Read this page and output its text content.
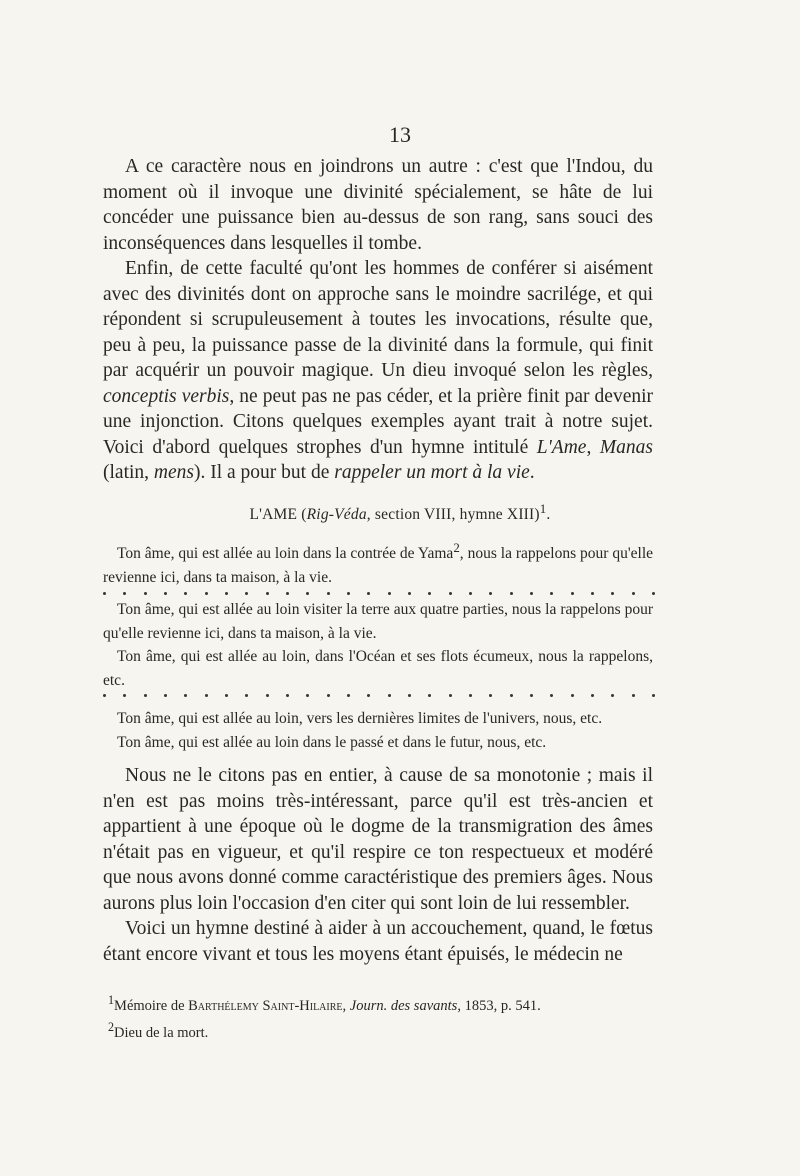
13

A ce caractère nous en joindrons un autre : c'est que l'Indou, du moment où il invoque une divinité spécialement, se hâte de lui concéder une puissance bien au-dessus de son rang, sans souci des inconséquences dans lesquelles il tombe.

Enfin, de cette faculté qu'ont les hommes de conférer si aisément avec des divinités dont on approche sans le moindre sacrilége, et qui répondent si scrupuleusement à toutes les invocations, résulte que, peu à peu, la puissance passe de la divinité dans la formule, qui finit par acquérir un pouvoir magique. Un dieu invoqué selon les règles, conceptis verbis, ne peut pas ne pas céder, et la prière finit par devenir une injonction. Citons quelques exemples ayant trait à notre sujet. Voici d'abord quelques strophes d'un hymne intitulé L'Ame, Manas (latin, mens). Il a pour but de rappeler un mort à la vie.

L'AME (Rig-Véda, section VIII, hymne XIII)$^1$.

Ton âme, qui est allée au loin dans la contrée de Yama$^2$, nous la rappelons pour qu'elle revienne ici, dans ta maison, à la vie.

Ton âme, qui est allée au loin visiter la terre aux quatre parties, nous la rappelons pour qu'elle revienne ici, dans ta maison, à la vie.

Ton âme, qui est allée au loin, dans l'Océan et ses flots écumeux, nous la rappelons, etc.

Ton âme, qui est allée au loin, vers les dernières limites de l'univers, nous, etc.

Ton âme, qui est allée au loin dans le passé et dans le futur, nous, etc.

Nous ne le citons pas en entier, à cause de sa monotonie ; mais il n'en est pas moins très-intéressant, parce qu'il est très-ancien et appartient à une époque où le dogme de la transmigration des âmes n'était pas en vigueur, et qu'il respire ce ton respectueux et modéré que nous avons donné comme caractéristique des premiers âges. Nous aurons plus loin l'occasion d'en citer qui sont loin de lui ressembler.

Voici un hymne destiné à aider à un accouchement, quand, le fœtus étant encore vivant et tous les moyens étant épuisés, le médecin ne

$^1$Mémoire de Barthélemy Saint-Hilaire, Journ. des savants, 1853, p. 541.

$^2$Dieu de la mort.
